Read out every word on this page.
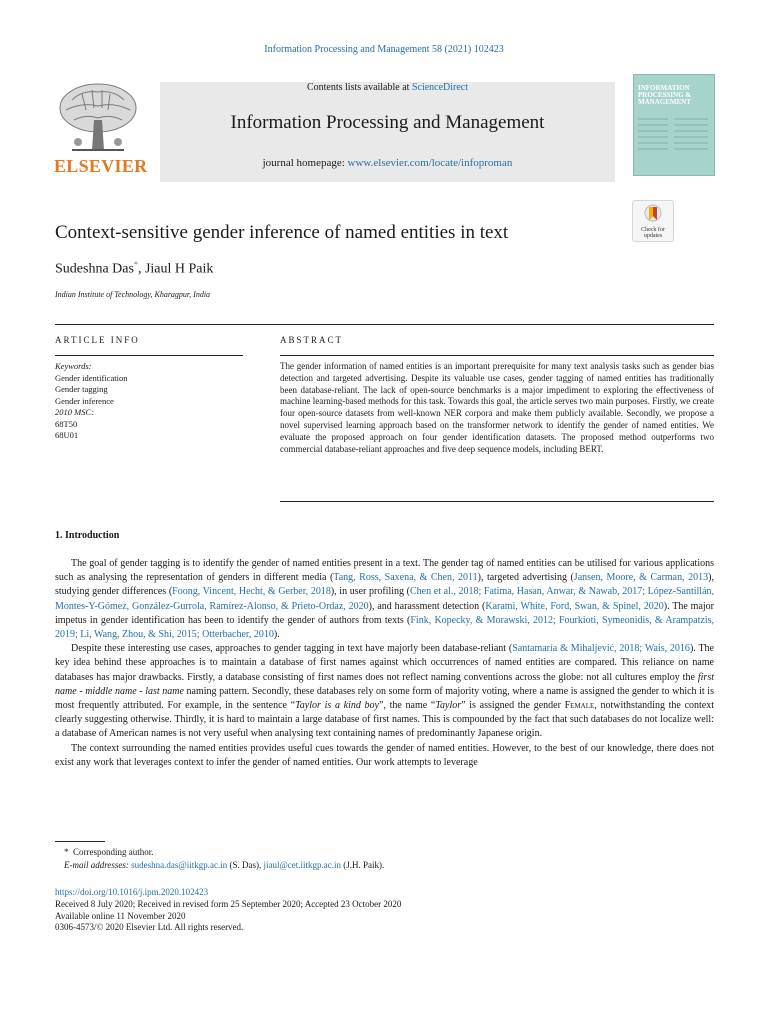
Information Processing and Management 58 (2021) 102423
ELSEVIER
Contents lists available at ScienceDirect
Information Processing and Management
journal homepage: www.elsevier.com/locate/infoproman
INFORMATION PROCESSING & MANAGEMENT
Check for updates
Context-sensitive gender inference of named entities in text
Sudeshna Das*, Jiaul H Paik
Indian Institute of Technology, Kharagpur, India
ARTICLE INFO	ABSTRACT
Keywords:
Gender identification
Gender tagging
Gender inference
2010 MSC:
68T50
68U01
The gender information of named entities is an important prerequisite for many text analysis tasks such as gender bias detection and targeted advertising. Despite its valuable use cases, gender tagging of named entities has traditionally been database-reliant. The lack of open-source benchmarks is a major impediment to exploring the effectiveness of machine learning-based methods for this task. Towards this goal, the article serves two main purposes. Firstly, we create four open-source datasets from well-known NER corpora and make them publicly available. Secondly, we propose a novel supervised learning approach based on the transformer network to identify the gender of named entities. We evaluate the proposed approach on four gender identification datasets. The proposed method outperforms two commercial database-reliant approaches and five deep sequence models, including BERT.
1. Introduction

The goal of gender tagging is to identify the gender of named entities present in a text. The gender tag of named entities can be utilised for various applications such as analysing the representation of genders in different media (Tang, Ross, Saxena, & Chen, 2011), targeted advertising (Jansen, Moore, & Carman, 2013), studying gender differences (Foong, Vincent, Hecht, & Gerber, 2018), in user profiling (Chen et al., 2018; Fatima, Hasan, Anwar, & Nawab, 2017; López-Santillán, Montes-Y-Gómez, González-Gurrola, Ramírez-Alonso, & Prieto-Ordaz, 2020), and harassment detection (Karami, White, Ford, Swan, & Spinel, 2020). The major impetus in gender identification has been to identify the gender of authors from texts (Fink, Kopecky, & Morawski, 2012; Fourkioti, Symeonidis, & Arampatzis, 2019; Li, Wang, Zhou, & Shi, 2015; Otterbacher, 2010).

Despite these interesting use cases, approaches to gender tagging in text have majorly been database-reliant (Santamaría & Mihaljević, 2018; Wais, 2016). The key idea behind these approaches is to maintain a database of first names against which occurrences of named entities are compared. This reliance on name databases has major drawbacks. Firstly, a database consisting of first names does not reflect naming conventions across the globe: not all cultures employ the first name - middle name - last name naming pattern. Secondly, these databases rely on some form of majority voting, where a name is assigned the gender to which it is most frequently attributed. For example, in the sentence “Taylor is a kind boy”, the name “Taylor” is assigned the gender Female, notwithstanding the context clearly suggesting otherwise. Thirdly, it is hard to maintain a large database of first names. This is compounded by the fact that such databases do not localize well: a database of American names is not very useful when analysing text containing names of predominantly Japanese origin.

The context surrounding the named entities provides useful cues towards the gender of named entities. However, to the best of our knowledge, there does not exist any work that leverages context to infer the gender of named entities. Our work attempts to leverage

* Corresponding author.
E-mail addresses: sudeshna.das@iitkgp.ac.in (S. Das), jiaul@cet.iitkgp.ac.in (J.H. Paik).
https://doi.org/10.1016/j.ipm.2020.102423
Received 8 July 2020; Received in revised form 25 September 2020; Accepted 23 October 2020
Available online 11 November 2020
0306-4573/© 2020 Elsevier Ltd. All rights reserved.
